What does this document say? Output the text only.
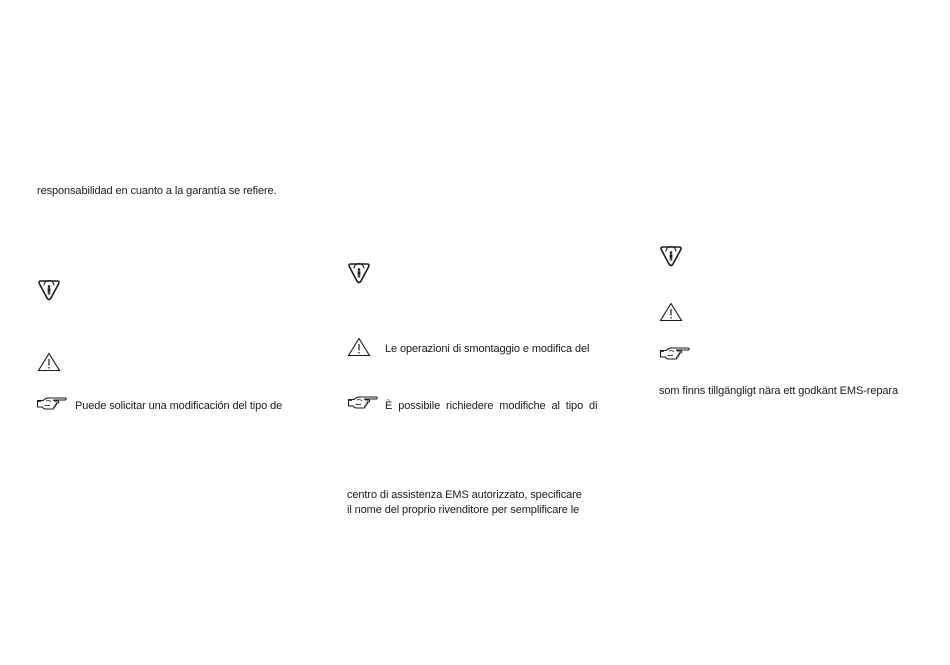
responsabilidad en cuanto a la garantía se refiere.
Puede solicitar una modificación del tipo de
Le operazioni di smontaggio e modifica del
È possibile richiedere modifiche al tipo di
centro di assistenza EMS autorizzato, specificare
il nome del proprio rivenditore per semplificare le
som finns tillgängligt nära ett godkänt EMS-repara
